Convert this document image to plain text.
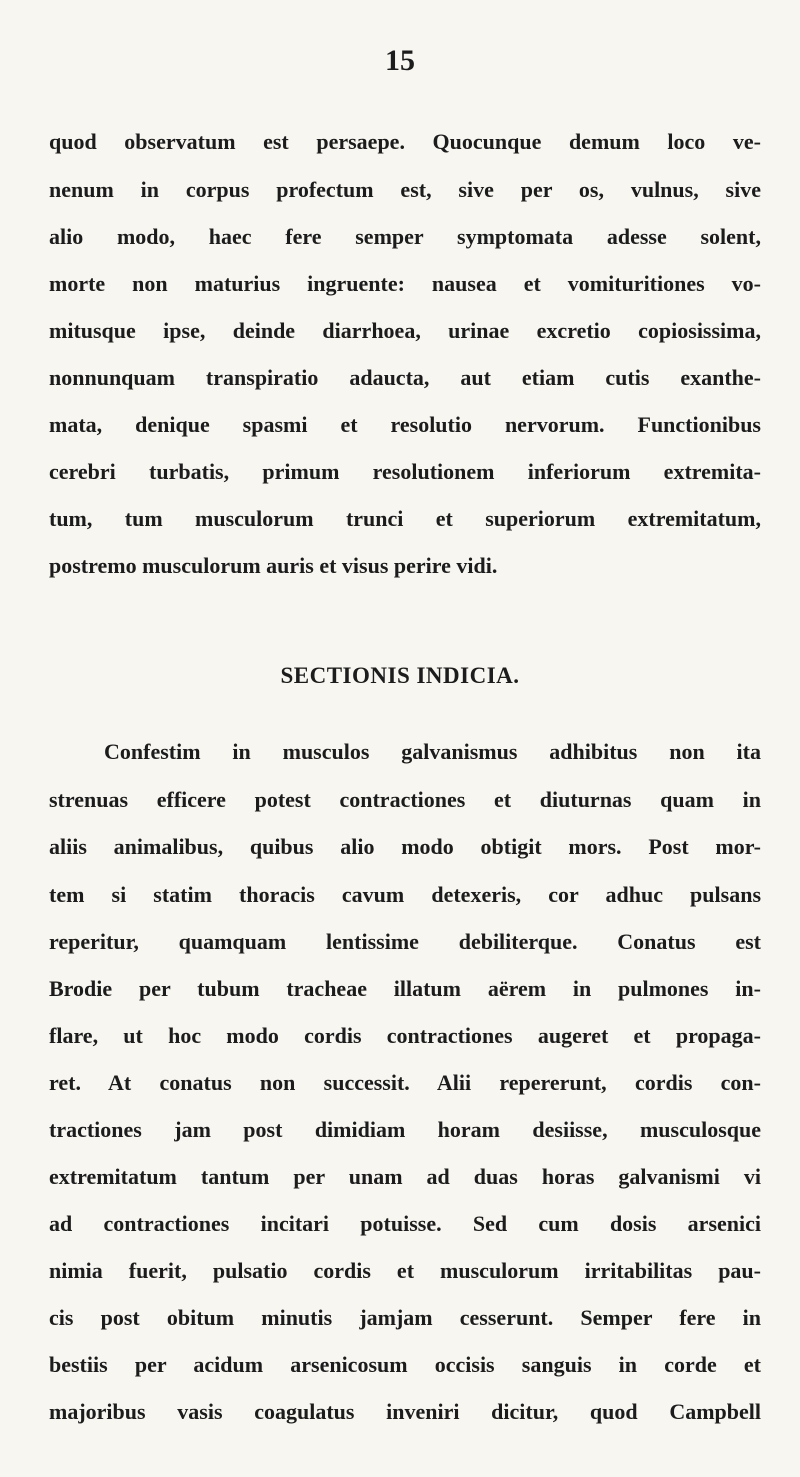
15
quod observatum est persaepe. Quocunque demum loco ve-
nenum in corpus profectum est, sive per os, vulnus, sive
alio modo, haec fere semper symptomata adesse solent,
morte non maturius ingruente: nausea et vomituritiones vo-
mitusque ipse, deinde diarrhoea, urinae excretio copiosissima,
nonnunquam transpiratio adaucta, aut etiam cutis exanthe-
mata, denique spasmi et resolutio nervorum. Functionibus
cerebri turbatis, primum resolutionem inferiorum extremita-
tum, tum musculorum trunci et superiorum extremitatum,
postremo musculorum auris et visus perire vidi.
SECTIONIS INDICIA.
Confestim in musculos galvanismus adhibitus non ita
strenuas efficere potest contractiones et diuturnas quam in
aliis animalibus, quibus alio modo obtigit mors. Post mor-
tem si statim thoracis cavum detexeris, cor adhuc pulsans
reperitur, quamquam lentissime debiliterque. Conatus est
Brodie per tubum tracheae illatum aërem in pulmones in-
flare, ut hoc modo cordis contractiones augeret et propaga-
ret. At conatus non successit. Alii repererunt, cordis con-
tractiones jam post dimidiam horam desiisse, musculosque
extremitatum tantum per unam ad duas horas galvanismi vi
ad contractiones incitari potuisse. Sed cum dosis arsenici
nimia fuerit, pulsatio cordis et musculorum irritabilitas pau-
cis post obitum minutis jamjam cesserunt. Semper fere in
bestiis per acidum arsenicosum occisis sanguis in corde et
majoribus vasis coagulatus inveniri dicitur, quod Campbell
